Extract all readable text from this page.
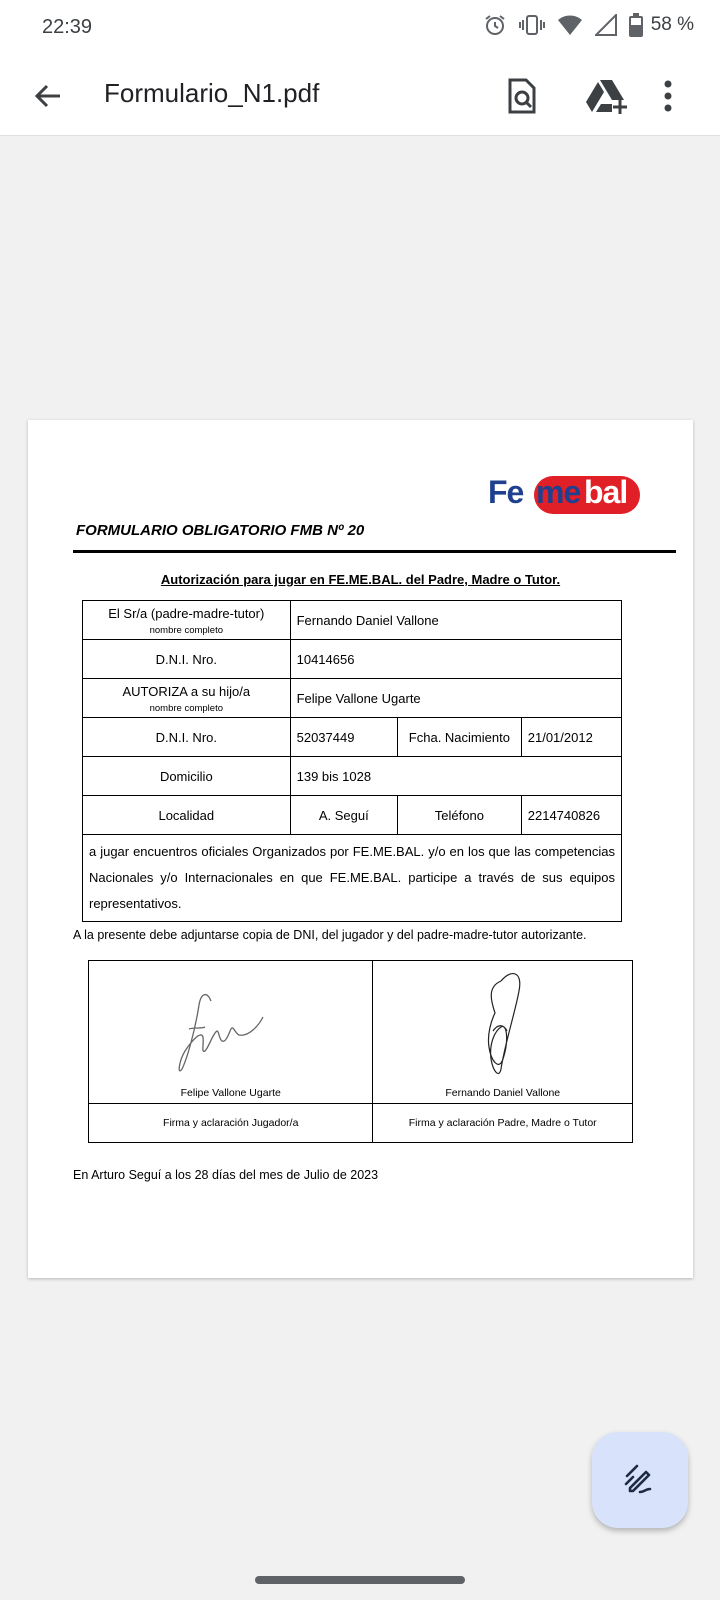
22:39	58 %
Formulario_N1.pdf
Fe me bal
FORMULARIO OBLIGATORIO FMB Nº 20
Autorización para jugar en FE.ME.BAL. del Padre, Madre o Tutor.
El Sr/a (padre-madre-tutor)
nombre completo	Fernando Daniel Vallone		
D.N.I. Nro.	10414656		

AUTORIZA a su hijo/a
nombre completo	Felipe Vallone Ugarte		
D.N.I. Nro.	52037449	Fcha. Nacimiento	21/01/2012
Domicilio	139 bis 1028		
Localidad	A. Seguí	Teléfono	2214740826
a jugar encuentros oficiales Organizados por FE.ME.BAL. y/o en los que las competencias Nacionales y/o Internacionales en que FE.ME.BAL. participe a través de sus equipos representativos.			
A la presente debe adjuntarse copia de DNI, del jugador y del padre-madre-tutor autorizante.
Felipe Vallone Ugarte	Fernando Daniel Vallone
Firma y aclaración Jugador/a	Firma y aclaración Padre, Madre o Tutor
En Arturo Seguí a los 28 días del mes de Julio de 2023
